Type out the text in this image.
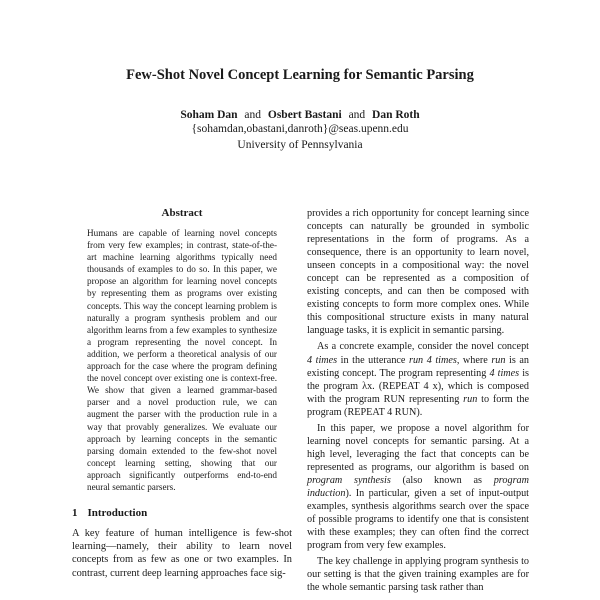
Few-Shot Novel Concept Learning for Semantic Parsing
Soham Dan and Osbert Bastani and Dan Roth
{sohamdan,obastani,danroth}@seas.upenn.edu
University of Pennsylvania
Abstract

Humans are capable of learning novel concepts from very few examples; in contrast, state-of-the-art machine learning algorithms typically need thousands of examples to do so. In this paper, we propose an algorithm for learning novel concepts by representing them as programs over existing concepts. This way the concept learning problem is naturally a program synthesis problem and our algorithm learns from a few examples to synthesize a program representing the novel concept. In addition, we perform a theoretical analysis of our approach for the case where the program defining the novel concept over existing one is context-free. We show that given a learned grammar-based parser and a novel production rule, we can augment the parser with the production rule in a way that provably generalizes. We evaluate our approach by learning concepts in the semantic parsing domain extended to the few-shot novel concept learning setting, showing that our approach significantly outperforms end-to-end neural semantic parsers.

1 Introduction

A key feature of human intelligence is few-shot learning—namely, their ability to learn novel concepts from as few as one or two examples. In contrast, current deep learning approaches face sig-

provides a rich opportunity for concept learning since concepts can naturally be grounded in symbolic representations in the form of programs. As a consequence, there is an opportunity to learn novel, unseen concepts in a compositional way: the novel concept can be represented as a composition of existing concepts, and can then be composed with existing concepts to form more complex ones. While this compositional structure exists in many natural language tasks, it is explicit in semantic parsing.

As a concrete example, consider the novel concept 4 times in the utterance run 4 times, where run is an existing concept. The program representing 4 times is the program λx. (REPEAT 4 x), which is composed with the program RUN representing run to form the program (REPEAT 4 RUN).

In this paper, we propose a novel algorithm for learning novel concepts for semantic parsing. At a high level, leveraging the fact that concepts can be represented as programs, our algorithm is based on program synthesis (also known as program induction). In particular, given a set of input-output examples, synthesis algorithms search over the space of possible programs to identify one that is consistent with these examples; they can often find the correct program from very few examples.

The key challenge in applying program synthesis to our setting is that the given training examples are for the whole semantic parsing task rather than
